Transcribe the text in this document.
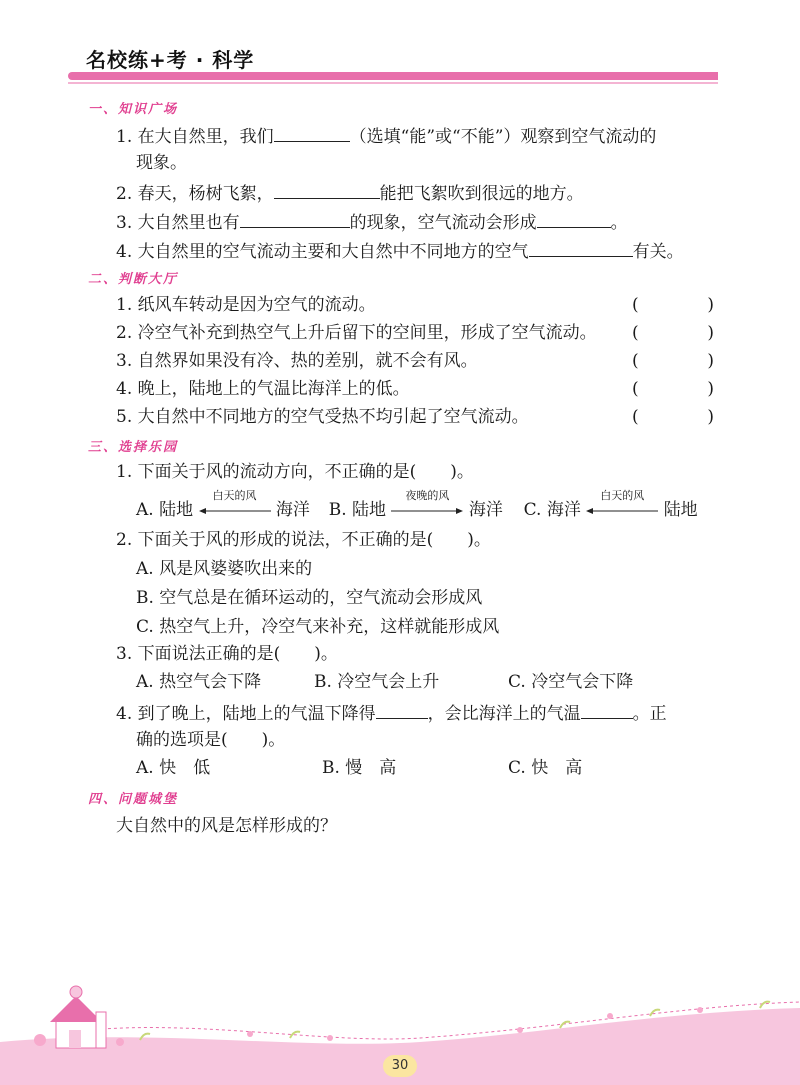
名校练+考 · 科学
一、知识广场
1. 在大自然里，我们	（选填“能”或“不能”）观察到空气流动的
现象。
2. 春天，杨树飞絮，	能把飞絮吹到很远的地方。
3. 大自然里也有	的现象，空气流动会形成	。
4. 大自然里的空气流动主要和大自然中不同地方的空气	有关。
二、判断大厅
1. 纸风车转动是因为空气的流动。	(	)
2. 冷空气补充到热空气上升后留下的空间里，形成了空气流动。 (	)
3. 自然界如果没有冷、热的差别，就不会有风。	(	)
4. 晚上，陆地上的气温比海洋上的低。	(	)
5. 大自然中不同地方的空气受热不均引起了空气流动。	(	)
三、选择乐园
1. 下面关于风的流动方向，不正确的是(　　)。
A. 陆地
白天的风
海洋 B. 陆地
夜晚的风
海洋 C. 海洋
白天的风
陆地
2. 下面关于风的形成的说法，不正确的是(　　)。
A. 风是风婆婆吹出来的
B. 空气总是在循环运动的，空气流动会形成风
C. 热空气上升，冷空气来补充，这样就能形成风
3. 下面说法正确的是(　　)。
A. 热空气会下降	B. 冷空气会上升	C. 冷空气会下降
4. 到了晚上，陆地上的气温下降得	，会比海洋上的气温	。正
确的选项是(　　)。
A. 快　低	B. 慢　高	C. 快　高
四、问题城堡
大自然中的风是怎样形成的？
30
